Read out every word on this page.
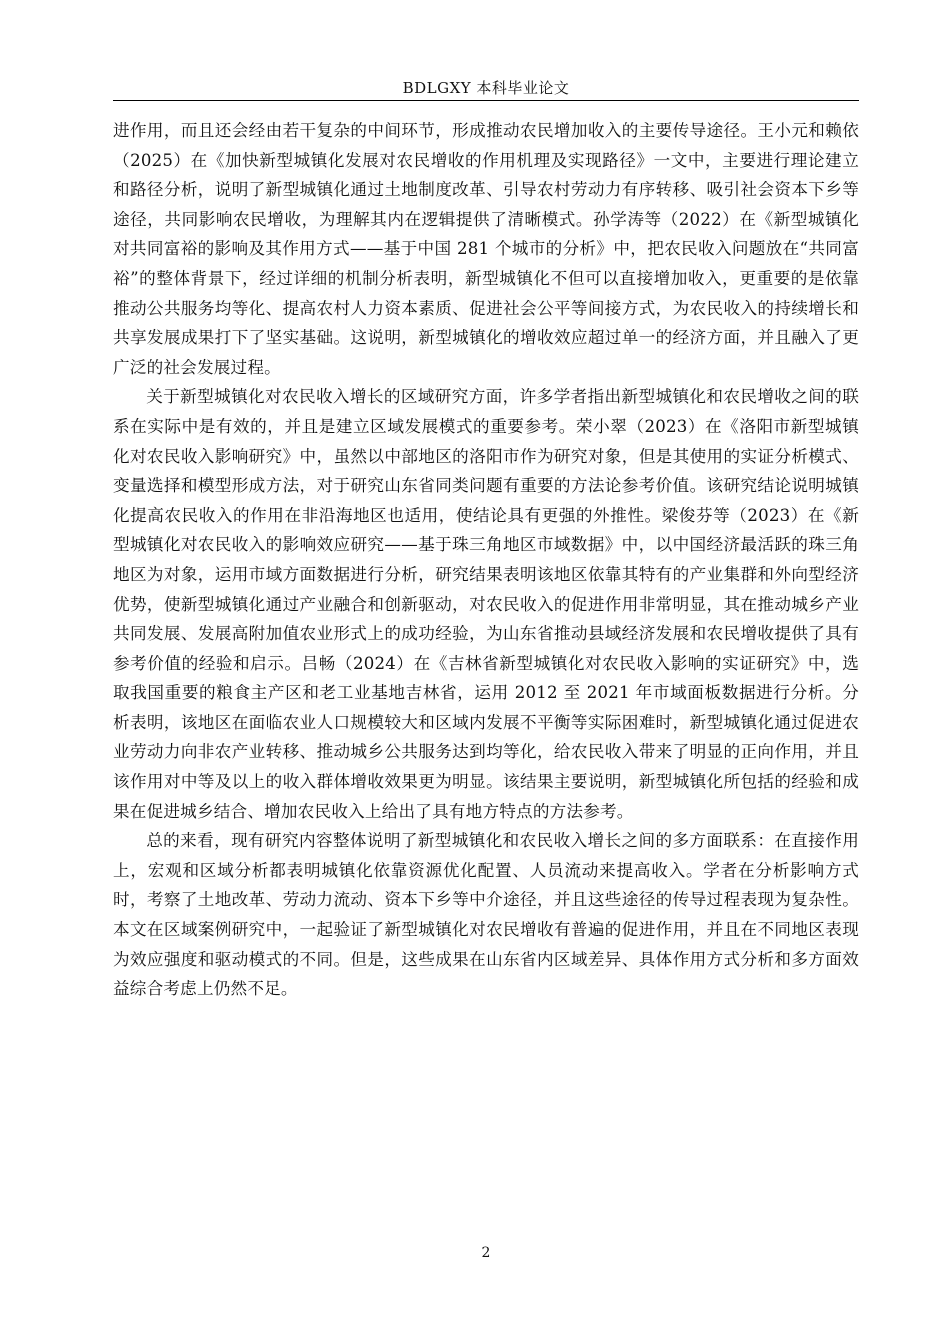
BDLGXY 本科毕业论文

进作用，而且还会经由若干复杂的中间环节，形成推动农民增加收入的主要传导途径。王小元和赖依（2025）在《加快新型城镇化发展对农民增收的作用机理及实现路径》一文中，主要进行理论建立和路径分析，说明了新型城镇化通过土地制度改革、引导农村劳动力有序转移、吸引社会资本下乡等途径，共同影响农民增收，为理解其内在逻辑提供了清晰模式。孙学涛等（2022）在《新型城镇化对共同富裕的影响及其作用方式——基于中国 281 个城市的分析》中，把农民收入问题放在“共同富裕”的整体背景下，经过详细的机制分析表明，新型城镇化不但可以直接增加收入，更重要的是依靠推动公共服务均等化、提高农村人力资本素质、促进社会公平等间接方式，为农民收入的持续增长和共享发展成果打下了坚实基础。这说明，新型城镇化的增收效应超过单一的经济方面，并且融入了更广泛的社会发展过程。

关于新型城镇化对农民收入增长的区域研究方面，许多学者指出新型城镇化和农民增收之间的联系在实际中是有效的，并且是建立区域发展模式的重要参考。荣小翠（2023）在《洛阳市新型城镇化对农民收入影响研究》中，虽然以中部地区的洛阳市作为研究对象，但是其使用的实证分析模式、变量选择和模型形成方法，对于研究山东省同类问题有重要的方法论参考价值。该研究结论说明城镇化提高农民收入的作用在非沿海地区也适用，使结论具有更强的外推性。梁俊芬等（2023）在《新型城镇化对农民收入的影响效应研究——基于珠三角地区市域数据》中，以中国经济最活跃的珠三角地区为对象，运用市域方面数据进行分析，研究结果表明该地区依靠其特有的产业集群和外向型经济优势，使新型城镇化通过产业融合和创新驱动，对农民收入的促进作用非常明显，其在推动城乡产业共同发展、发展高附加值农业形式上的成功经验，为山东省推动县域经济发展和农民增收提供了具有参考价值的经验和启示。吕畅（2024）在《吉林省新型城镇化对农民收入影响的实证研究》中，选取我国重要的粮食主产区和老工业基地吉林省，运用 2012 至 2021 年市域面板数据进行分析。分析表明，该地区在面临农业人口规模较大和区域内发展不平衡等实际困难时，新型城镇化通过促进农业劳动力向非农产业转移、推动城乡公共服务达到均等化，给农民收入带来了明显的正向作用，并且该作用对中等及以上的收入群体增收效果更为明显。该结果主要说明，新型城镇化所包括的经验和成果在促进城乡结合、增加农民收入上给出了具有地方特点的方法参考。

总的来看，现有研究内容整体说明了新型城镇化和农民收入增长之间的多方面联系：在直接作用上，宏观和区域分析都表明城镇化依靠资源优化配置、人员流动来提高收入。学者在分析影响方式时，考察了土地改革、劳动力流动、资本下乡等中介途径，并且这些途径的传导过程表现为复杂性。本文在区域案例研究中，一起验证了新型城镇化对农民增收有普遍的促进作用，并且在不同地区表现为效应强度和驱动模式的不同。但是，这些成果在山东省内区域差异、具体作用方式分析和多方面效益综合考虑上仍然不足。

2
